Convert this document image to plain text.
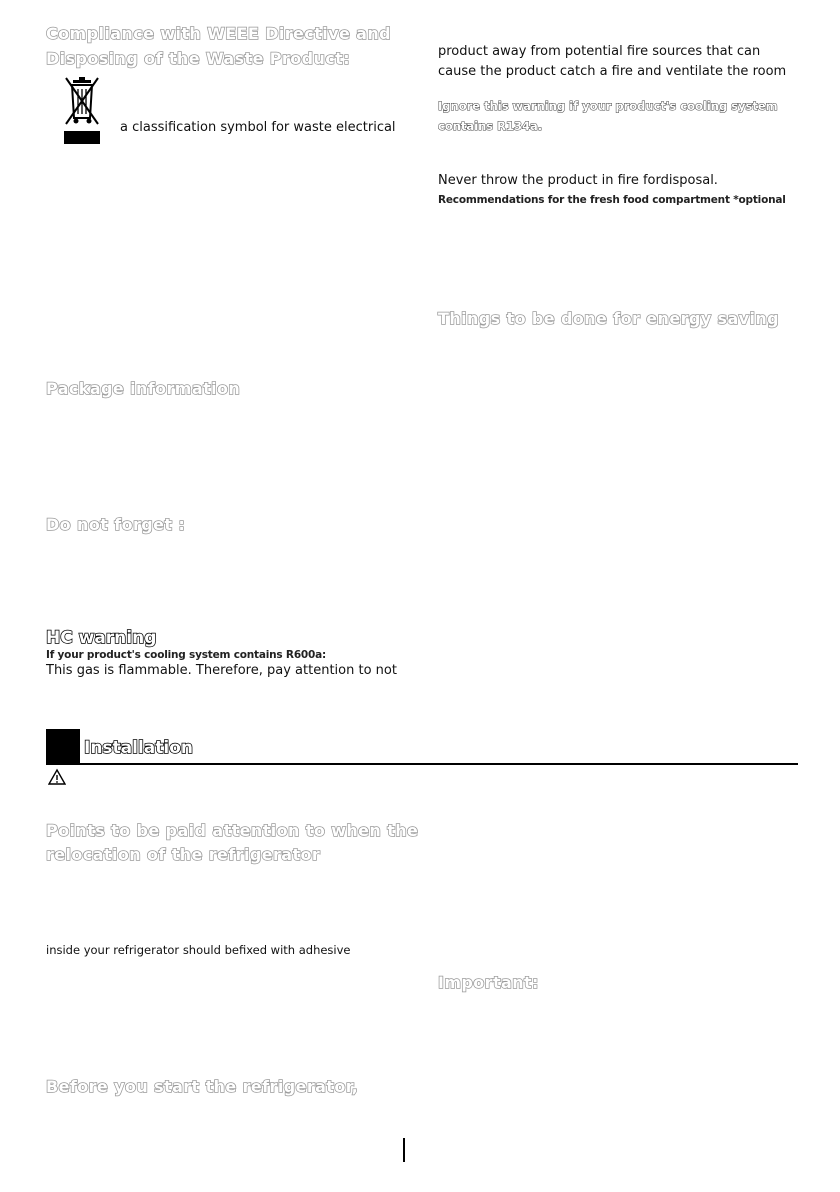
Compliance with WEEE Directive and
Disposing of the Waste Product:
a classification symbol for waste electrical
Package information
Do not forget :
HC warning
If your product's cooling system contains R600a:
This gas is flammable. Therefore, pay attention to not
product away from potential fire sources that can
cause the product catch a fire and ventilate the room
Ignore this warning if your product's cooling system
contains R134a.
Never throw the product in fire fordisposal.
Recommendations for the fresh food compartment *optional
Things to be done for energy saving
Important:
Installation
Points to be paid attention to when the
relocation of the refrigerator
inside your refrigerator should befixed with adhesive
Before you start the refrigerator,
